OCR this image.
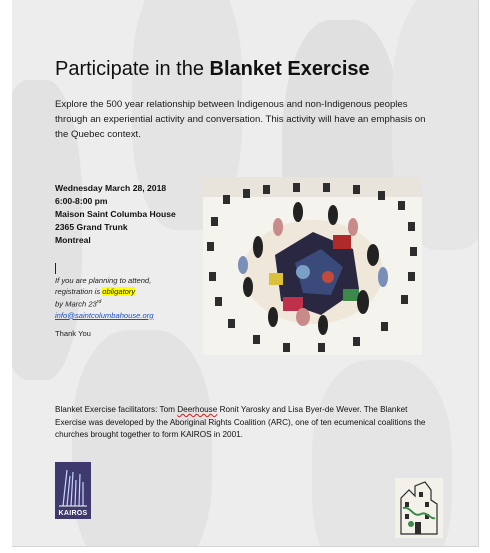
Participate in the Blanket Exercise
Explore the 500 year relationship between Indigenous and non-Indigenous peoples through an experiential activity and conversation. This activity will have an emphasis on the Quebec context.
Wednesday March 28, 2018
6:00-8:00 pm
Maison Saint Columba House
2365 Grand Trunk
Montreal
If you are planning to attend,
registration is obligatory
by March 23rd
info@saintcolumbahouse.org
Thank You
Blanket Exercise facilitators: Tom Deerhouse Ronit Yarosky and Lisa Byer-de Wever. The Blanket Exercise was developed by the Aboriginal Rights Coalition (ARC), one of ten ecumenical coalitions the churches brought together to form KAIROS in 2001.
KAIROS
